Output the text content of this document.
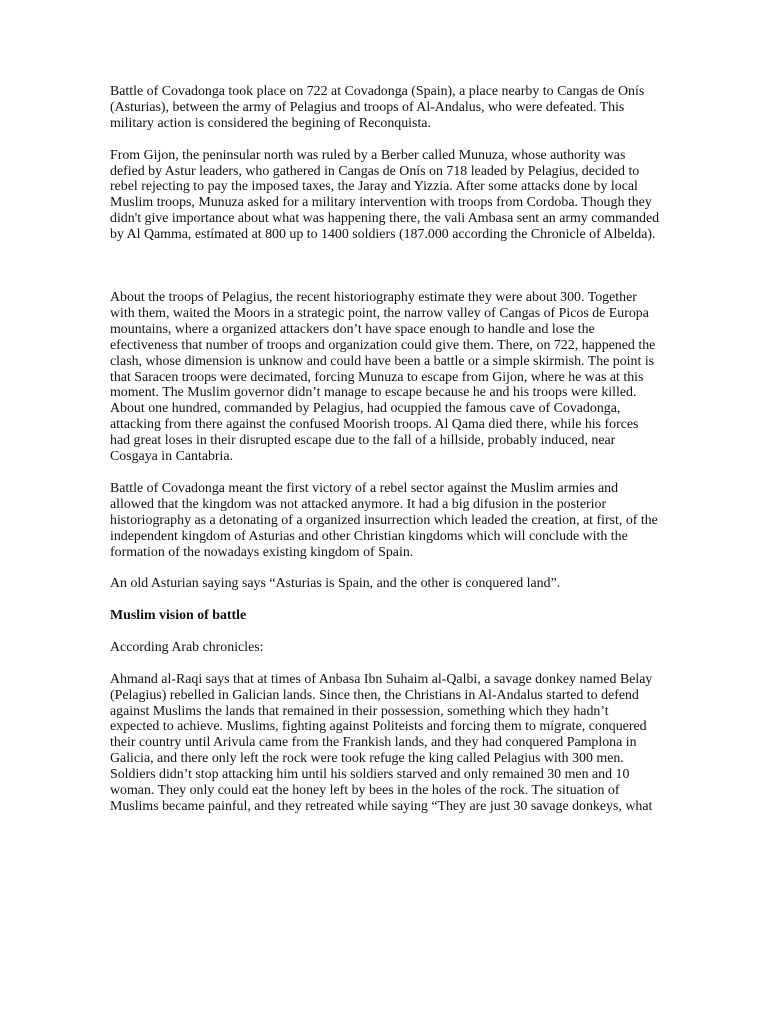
Battle of Covadonga took place on 722 at Covadonga (Spain), a place nearby to Cangas de Onís (Asturias), between the army of Pelagius and troops of Al-Andalus, who were defeated. This military action is considered the begining of Reconquista.

From Gijon, the peninsular north was ruled by a Berber called Munuza, whose authority was defied by Astur leaders, who gathered in Cangas de Onís on 718 leaded by Pelagius, decided to rebel rejecting to pay the imposed taxes, the Jaray and Yizzia. After some attacks done by local Muslim troops, Munuza asked for a military intervention with troops from Cordoba. Though they didn't give importance about what was happening there, the vali Ambasa sent an army commanded by Al Qamma, estímated at 800 up to 1400 soldiers (187.000 according the Chronicle of Albelda).

About the troops of Pelagius, the recent historiography estimate they were about 300. Together with them, waited the Moors in a strategic point, the narrow valley of Cangas of Picos de Europa mountains, where a organized attackers don’t have space enough to handle and lose the efectiveness that number of troops and organization could give them. There, on 722, happened the clash, whose dimension is unknow and could have been a battle or a simple skirmish. The point is that Saracen troops were decimated, forcing Munuza to escape from Gijon, where he was at this moment. The Muslim governor didn’t manage to escape because he and his troops were killed. About one hundred, commanded by Pelagius, had ocuppied the famous cave of Covadonga, attacking from there against the confused Moorish troops. Al Qama died there, while his forces had great loses in their disrupted escape due to the fall of a hillside, probably induced, near Cosgaya in Cantabria.

Battle of Covadonga meant the first victory of a rebel sector against the Muslim armies and allowed that the kingdom was not attacked anymore. It had a big difusion in the posterior historiography as a detonating of a organized insurrection which leaded the creation, at first, of the independent kingdom of Asturias and other Christian kingdoms which will conclude with the formation of the nowadays existing kingdom of Spain.

An old Asturian saying says “Asturias is Spain, and the other is conquered land”.

Muslim vision of battle

According Arab chronicles:

Ahmand al-Raqi says that at times of Anbasa Ibn Suhaim al-Qalbi, a savage donkey named Belay (Pelagius) rebelled in Galician lands. Since then, the Christians in Al-Andalus started to defend against Muslims the lands that remained in their possession, something which they hadn’t expected to achieve. Muslims, fighting against Politeists and forcing them to mígrate, conquered their country until Arivula came from the Frankish lands, and they had conquered Pamplona in Galicia, and there only left the rock were took refuge the king called Pelagius with 300 men. Soldiers didn’t stop attacking him until his soldiers starved and only remained 30 men and 10 woman. They only could eat the honey left by bees in the holes of the rock. The situation of Muslims became painful, and they retreated while saying “They are just 30 savage donkeys, what
